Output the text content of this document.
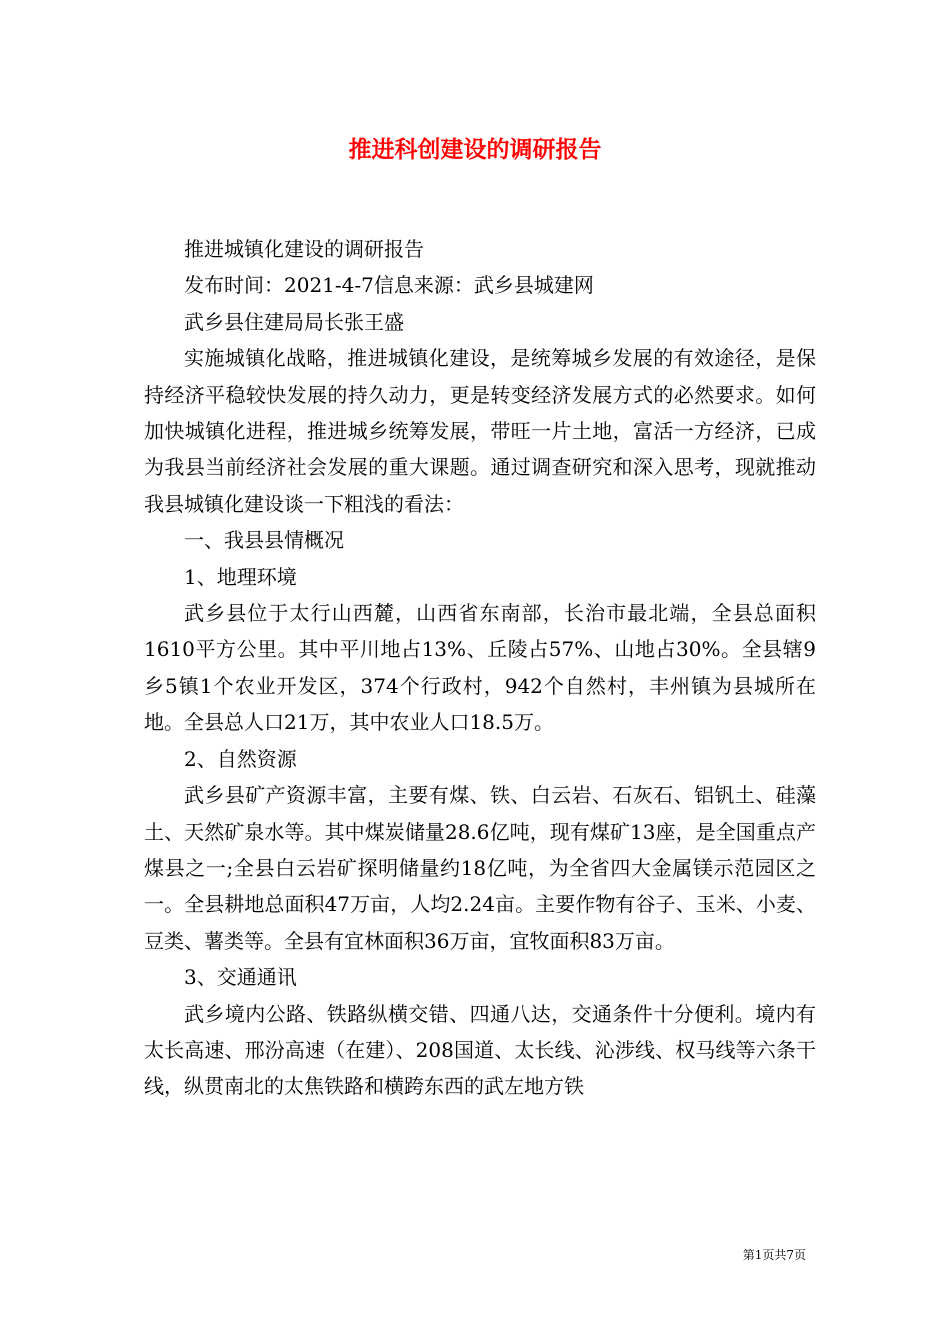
推进科创建设的调研报告

推进城镇化建设的调研报告

发布时间：2021-4-7信息来源：武乡县城建网

武乡县住建局局长张王盛

实施城镇化战略，推进城镇化建设，是统筹城乡发展的有效途径，是保持经济平稳较快发展的持久动力，更是转变经济发展方式的必然要求。如何加快城镇化进程，推进城乡统筹发展，带旺一片土地，富活一方经济，已成为我县当前经济社会发展的重大课题。通过调查研究和深入思考，现就推动我县城镇化建设谈一下粗浅的看法：

一、我县县情概况

1、地理环境

武乡县位于太行山西麓，山西省东南部，长治市最北端，全县总面积1610平方公里。其中平川地占13%、丘陵占57%、山地占30%。全县辖9乡5镇1个农业开发区，374个行政村，942个自然村，丰州镇为县城所在地。全县总人口21万，其中农业人口18.5万。

2、自然资源

武乡县矿产资源丰富，主要有煤、铁、白云岩、石灰石、铝钒土、硅藻土、天然矿泉水等。其中煤炭储量28.6亿吨，现有煤矿13座，是全国重点产煤县之一;全县白云岩矿探明储量约18亿吨，为全省四大金属镁示范园区之一。全县耕地总面积47万亩，人均2.24亩。主要作物有谷子、玉米、小麦、豆类、薯类等。全县有宜林面积36万亩，宜牧面积83万亩。

3、交通通讯

武乡境内公路、铁路纵横交错、四通八达，交通条件十分便利。境内有太长高速、邢汾高速（在建）、208国道、太长线、沁涉线、权马线等六条干线，纵贯南北的太焦铁路和横跨东西的武左地方铁

第1页共7页
